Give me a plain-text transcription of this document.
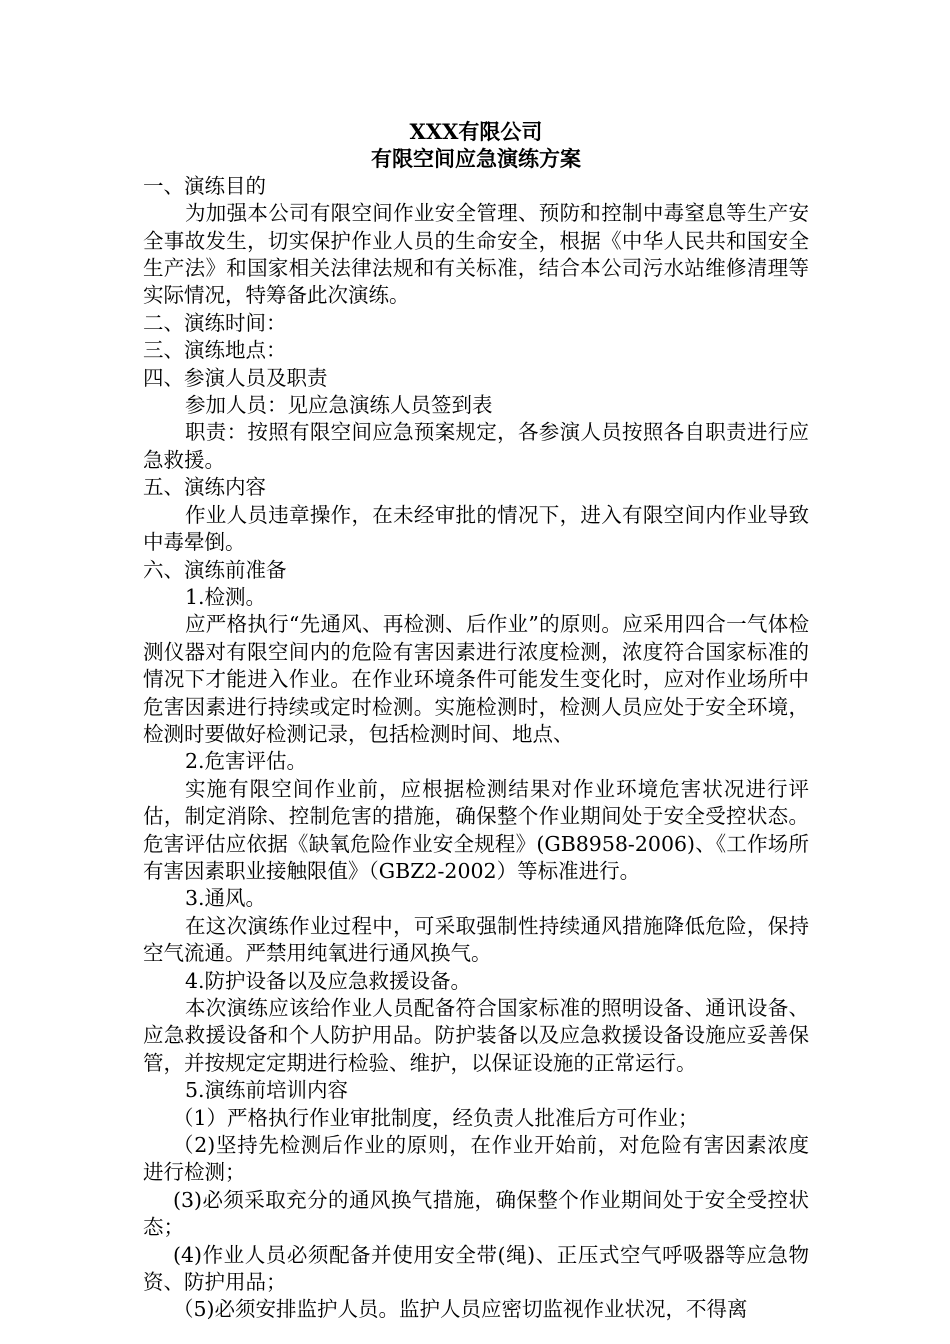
XXX有限公司

有限空间应急演练方案

一、演练目的

为加强本公司有限空间作业安全管理、预防和控制中毒窒息等生产安全事故发生，切实保护作业人员的生命安全，根据《中华人民共和国安全生产法》和国家相关法律法规和有关标准，结合本公司污水站维修清理等实际情况，特筹备此次演练。

二、演练时间：

三、演练地点：

四、参演人员及职责

参加人员：见应急演练人员签到表

职责：按照有限空间应急预案规定，各参演人员按照各自职责进行应急救援。

五、演练内容

作业人员违章操作，在未经审批的情况下，进入有限空间内作业导致中毒晕倒。

六、演练前准备

1.检测。

应严格执行“先通风、再检测、后作业”的原则。应采用四合一气体检测仪器对有限空间内的危险有害因素进行浓度检测，浓度符合国家标准的情况下才能进入作业。在作业环境条件可能发生变化时，应对作业场所中危害因素进行持续或定时检测。实施检测时，检测人员应处于安全环境，检测时要做好检测记录，包括检测时间、地点、

2.危害评估。

实施有限空间作业前，应根据检测结果对作业环境危害状况进行评估，制定消除、控制危害的措施，确保整个作业期间处于安全受控状态。危害评估应依据《缺氧危险作业安全规程》(GB8958-2006)、《工作场所有害因素职业接触限值》（GBZ2-2002）等标准进行。

3.通风。

在这次演练作业过程中，可采取强制性持续通风措施降低危险，保持空气流通。严禁用纯氧进行通风换气。

4.防护设备以及应急救援设备。

本次演练应该给作业人员配备符合国家标准的照明设备、通讯设备、应急救援设备和个人防护用品。防护装备以及应急救援设备设施应妥善保管，并按规定定期进行检验、维护，以保证设施的正常运行。

5.演练前培训内容

（1）严格执行作业审批制度，经负责人批准后方可作业；

（2)坚持先检测后作业的原则，在作业开始前，对危险有害因素浓度进行检测；

(3)必须采取充分的通风换气措施，确保整个作业期间处于安全受控状态；

(4)作业人员必须配备并使用安全带(绳)、正压式空气呼吸器等应急物资、防护用品；

（5)必须安排监护人员。监护人员应密切监视作业状况，不得离
